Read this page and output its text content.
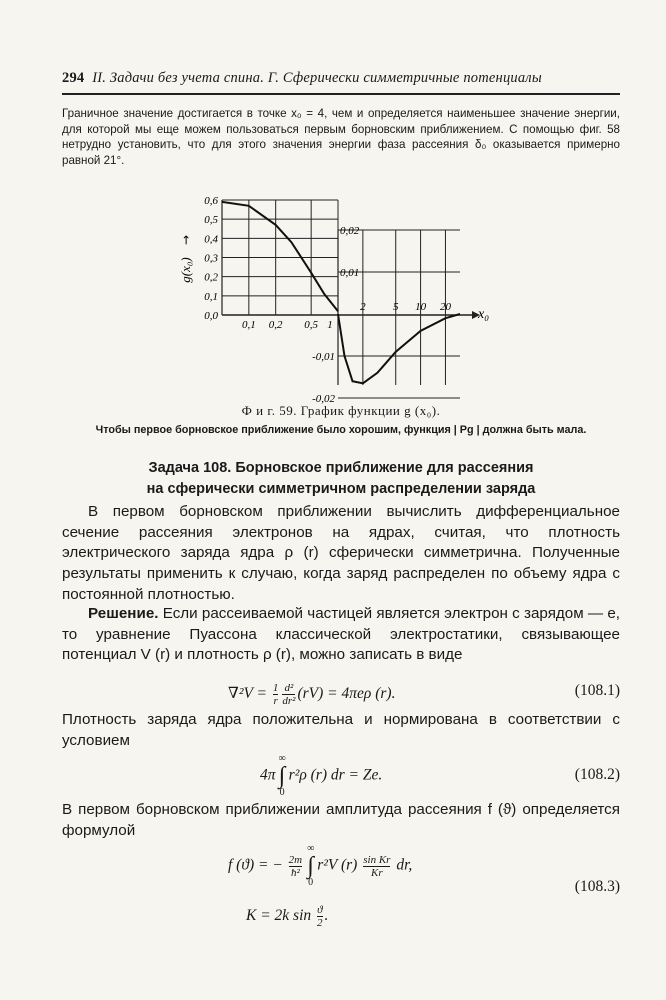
294 II. Задачи без учета спина. Г. Сферически симметричные потенциалы

Граничное значение достигается в точке x₀ = 4, чем и определяется наименьшее значение энергии, для которой мы еще можем пользоваться первым борновским приближением. С помощью фиг. 58 нетрудно установить, что для этого значения энергии фаза рассеяния δ₀ оказывается примерно равной 21°.

0,0
0,1
0,2
0,3
0,4
0,5
0,6
0,1 0,2 0,5 1
0,02
0,01
-0,01
-0,02
2 5 10 20
g(x₀)
→
x₀
Ф и г. 59. График функции g (x₀).
Чтобы первое борновское приближение было хорошим, функция | Pg | должна быть мала.
Задача 108. Борновское приближение для рассеяния
на сферически симметричном распределении заряда

В первом борновском приближении вычислить дифференциальное сечение рассеяния электронов на ядрах, считая, что плотность электрического заряда ядра ρ (r) сферически симметрична. Полученные результаты применить к случаю, когда заряд распределен по объему ядра с постоянной плотностью.

Решение. Если рассеиваемой частицей является электрон с зарядом — e, то уравнение Пуассона классической электростатики, связывающее потенциал V (r) и плотность ρ (r), можно записать в виде

$\nabla^2V = \frac{1}{r} \frac{\text{d²}}{\text{dr²}} (rV) = 4\pi e\rho$ (r).	(108.1)

Плотность заряда ядра положительна и нормирована в соответствии с условием

4π
∞
∫
0
r²ρ (r) dr = Ze.	(108.2)

В первом борновском приближении амплитуда рассеяния f (ϑ) определяется формулой

f (ϑ) = − $\frac{2m}{\text{ħ²}}$
∞
∫
0
r²V $(r) \frac{\text{sin Kr}}{Kr}$ dr,
K = 2k $\sin \frac{ϑ}{2}$ .
(108.3)
